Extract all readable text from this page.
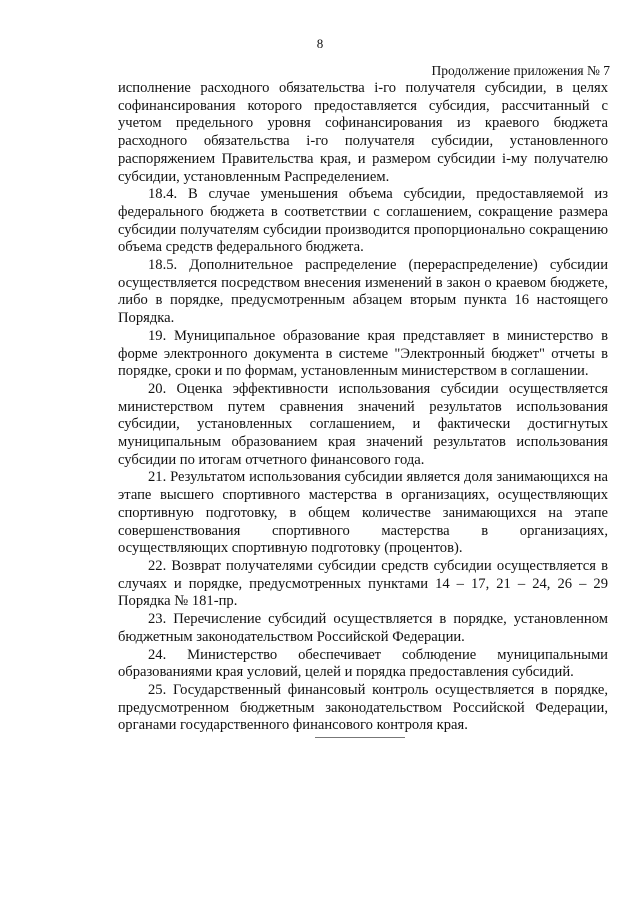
8
Продолжение приложения № 7

исполнение расходного обязательства i-го получателя субсидии, в целях софинансирования которого предоставляется субсидия, рассчитанный с учетом предельного уровня софинансирования из краевого бюджета расходного обязательства i-го получателя субсидии, установленного распоряжением Правительства края, и размером субсидии i-му получателю субсидии, установленным Распределением.

18.4. В случае уменьшения объема субсидии, предоставляемой из федерального бюджета в соответствии с соглашением, сокращение размера субсидии получателям субсидии производится пропорционально сокращению объема средств федерального бюджета.

18.5. Дополнительное распределение (перераспределение) субсидии осуществляется посредством внесения изменений в закон о краевом бюджете, либо в порядке, предусмотренным абзацем вторым пункта 16 настоящего Порядка.

19. Муниципальное образование края представляет в министерство в форме электронного документа в системе "Электронный бюджет" отчеты в порядке, сроки и по формам, установленным министерством в соглашении.

20. Оценка эффективности использования субсидии осуществляется министерством путем сравнения значений результатов использования субсидии, установленных соглашением, и фактически достигнутых муниципальным образованием края значений результатов использования субсидии по итогам отчетного финансового года.

21. Результатом использования субсидии является доля занимающихся на этапе высшего спортивного мастерства в организациях, осуществляющих спортивную подготовку, в общем количестве занимающихся на этапе совершенствования спортивного мастерства в организациях, осуществляющих спортивную подготовку (процентов).

22. Возврат получателями субсидии средств субсидии осуществляется в случаях и порядке, предусмотренных пунктами 14 – 17, 21 – 24, 26 – 29 Порядка № 181-пр.

23. Перечисление субсидий осуществляется в порядке, установленном бюджетным законодательством Российской Федерации.

24. Министерство обеспечивает соблюдение муниципальными образованиями края условий, целей и порядка предоставления субсидий.

25. Государственный финансовый контроль осуществляется в порядке, предусмотренном бюджетным законодательством Российской Федерации, органами государственного финансового контроля края.
